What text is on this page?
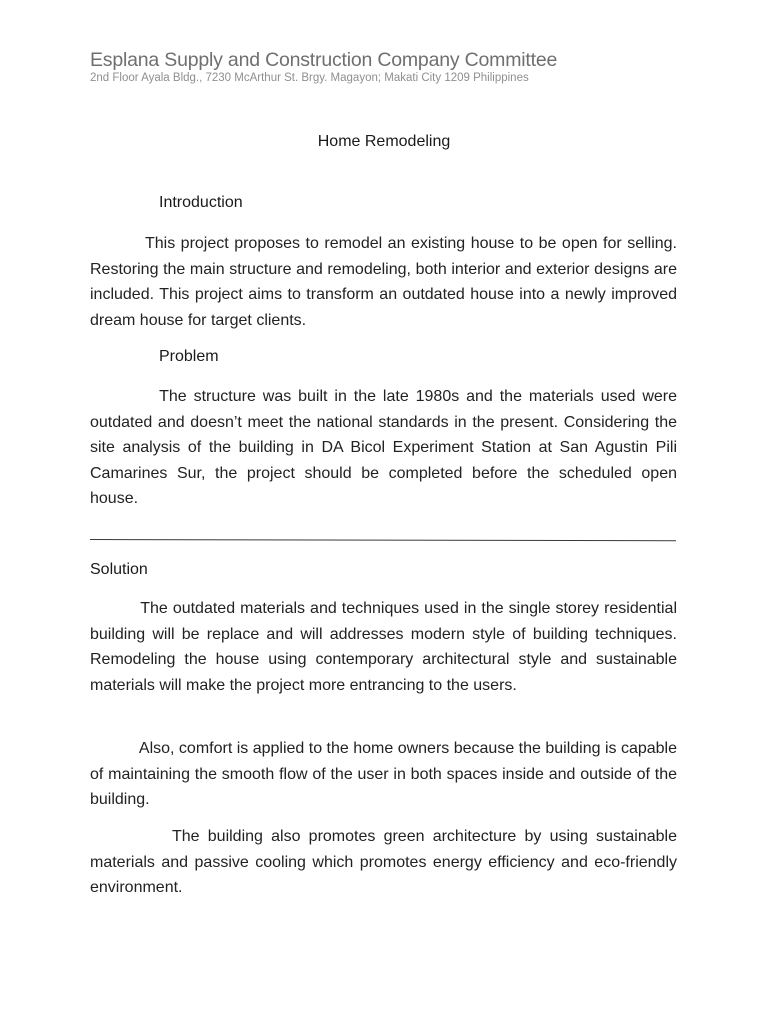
Esplana Supply and Construction Company Committee
2nd Floor Ayala Bldg., 7230 McArthur St. Brgy. Magayon; Makati City 1209 Philippines
Home Remodeling
Introduction

This project proposes to remodel an existing house to be open for selling. Restoring the main structure and remodeling, both interior and exterior designs are included. This project aims to transform an outdated house into a newly improved dream house for target clients.

Problem

The structure was built in the late 1980s and the materials used were outdated and doesn’t meet the national standards in the present. Considering the site analysis of the building in DA Bicol Experiment Station at San Agustin Pili Camarines Sur, the project should be completed before the scheduled open house.

Solution

The outdated materials and techniques used in the single storey residential building will be replace and will addresses modern style of building techniques. Remodeling the house using contemporary architectural style and sustainable materials will make the project more entrancing to the users.

Also, comfort is applied to the home owners because the building is capable of maintaining the smooth flow of the user in both spaces inside and outside of the building.

The building also promotes green architecture by using sustainable materials and passive cooling which promotes energy efficiency and eco-friendly environment.
